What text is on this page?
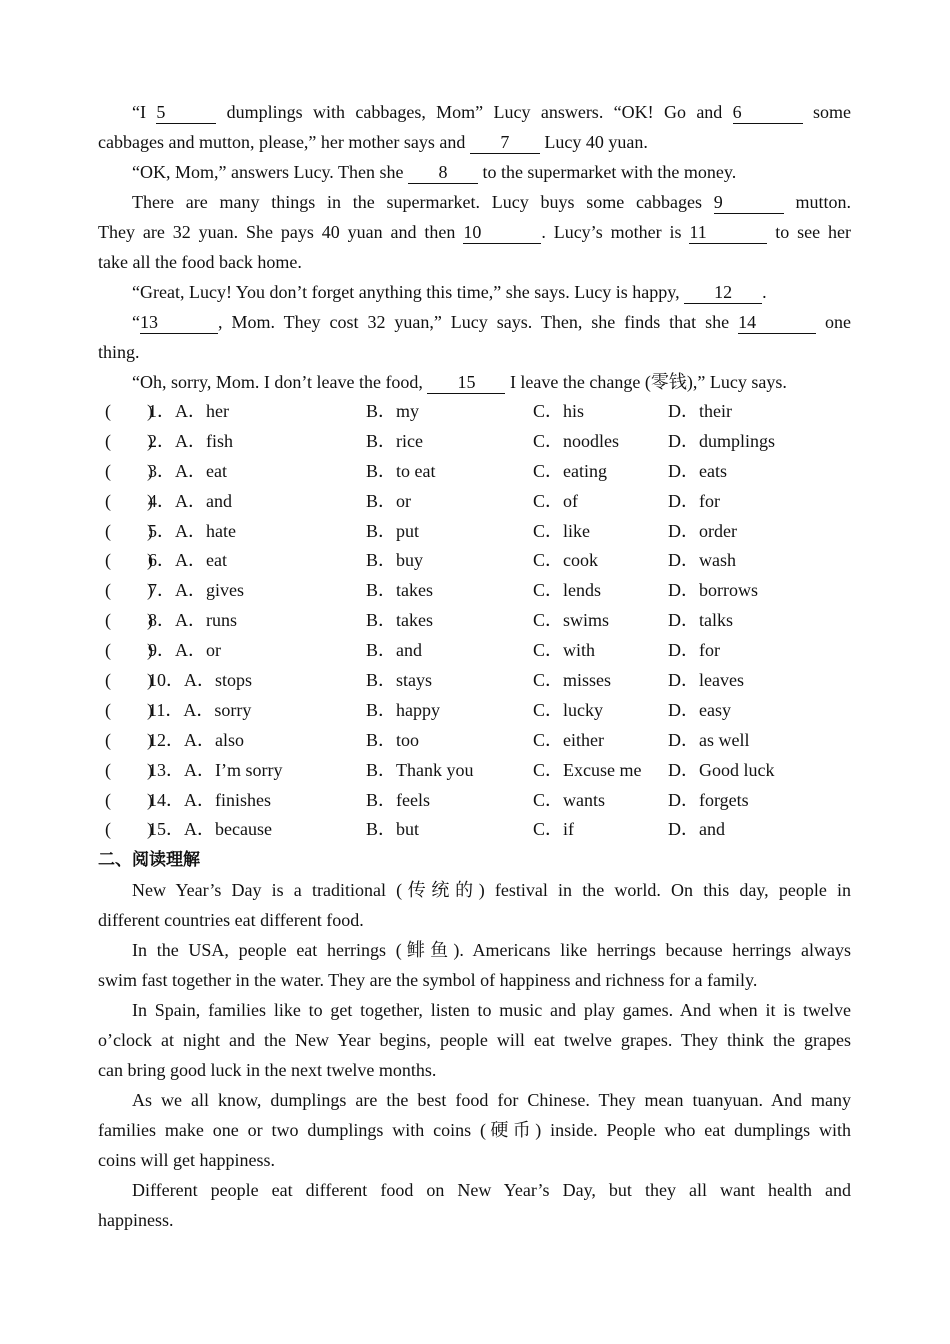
“I 5	dumplings with cabbages, Mom” Lucy answers. “OK! Go and 6	some
cabbages and mutton, please,” her mother says and 7 Lucy 40 yuan.
“OK, Mom,” answers Lucy. Then she 8 to the supermarket with the money.
There are many things in the supermarket. Lucy buys some cabbages 9	mutton.
They are 32 yuan. She pays 40 yuan and then 10	. Lucy’s mother is 11	to see her
take all the food back home.
“Great, Lucy! You don’t forget anything this time,” she says. Lucy is happy, 12 .
“13	, Mom. They cost 32 yuan,” Lucy says. Then, she finds that she 14	one
thing.
“Oh, sorry, Mom. I don’t leave the food, 15 I leave the change (零钱),” Lucy says.
(　　)
1．A．her	B．my	C．his	D．their
(　　)
2．A．fish	B．rice	C．noodles	D．dumplings
(　　)
3．A．eat	B．to eat	C．eating	D．eats
(　　)
4．A．and	B．or	C．of	D．for
(　　)
5．A．hate	B．put	C．like	D．order
(　　)
6．A．eat	B．buy	C．cook	D．wash
(　　)
7．A．gives	B．takes	C．lends	D．borrows
(　　)
8．A．runs	B．takes	C．swims	D．talks
(　　)
9．A．or	B．and	C．with	D．for
(　　)
10．A．stops	B．stays	C．misses	D．leaves
(　　)
11．A．sorry	B．happy	C．lucky	D．easy
(　　)
12．A．also	B．too	C．either	D．as well
(　　)
13．A．I’m sorry	B．Thank you	C．Excuse me D．Good luck
(　　)
14．A．finishes	B．feels	C．wants	D．forgets
(　　)
15．A．because	B．but	C．if	D．and
二、阅读理解
New Year’s Day is a traditional (传统的) festival in the world. On this day, people in
different countries eat different food.
In the USA, people eat herrings (鲱鱼). Americans like herrings because herrings always
swim fast together in the water. They are the symbol of happiness and richness for a family.
In Spain, families like to get together, listen to music and play games. And when it is twelve
o’clock at night and the New Year begins, people will eat twelve grapes. They think the grapes
can bring good luck in the next twelve months.
As we all know, dumplings are the best food for Chinese. They mean tuanyuan. And many
families make one or two dumplings with coins (硬币) inside. People who eat dumplings with
coins will get happiness.
Different people eat different food on New Year’s Day, but they all want health and
happiness.
